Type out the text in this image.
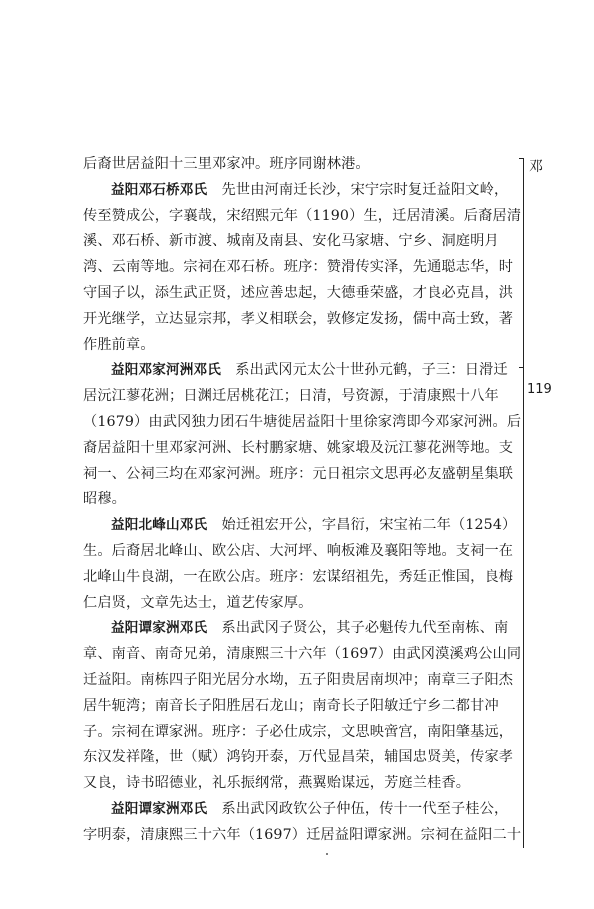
邓
119
后裔世居益阳十三里邓家冲。班序同谢林港。
益阳邓石桥邓氏　先世由河南迁长沙，宋宁宗时复迁益阳文岭，
传至赞成公，字襄哉，宋绍熙元年（1190）生，迁居清溪。后裔居清
溪、邓石桥、新市渡、城南及南县、安化马家塘、宁乡、洞庭明月
湾、云南等地。宗祠在邓石桥。班序：赞滑传实泽，先通聪志华，时
守国子以，添生武正贤，述应善忠起，大德垂荣盛，才良必克昌，洪
开光继学，立达显宗邦，孝义相联会，敦修定发扬，儒中高士致，著
作胜前章。
益阳邓家河洲邓氏　系出武冈元太公十世孙元鹤，子三：日滑迁
居沅江蓼花洲；日渊迁居桃花江；日清，号资源，于清康熙十八年
（1679）由武冈独力团石牛塘徙居益阳十里徐家湾即今邓家河洲。后
裔居益阳十里邓家河洲、长村鹏家塘、姚家塅及沅江蓼花洲等地。支
祠一、公祠三均在邓家河洲。班序：元日祖宗文思再必友盛朝星集联
昭穆。
益阳北峰山邓氏　始迁祖宏开公，字昌衍，宋宝祐二年（1254）
生。后裔居北峰山、欧公店、大河坪、响板滩及襄阳等地。支祠一在
北峰山牛良湖，一在欧公店。班序：宏谋绍祖先，秀廷正惟国，良梅
仁启贤，文章先达士，道艺传家厚。
益阳谭家洲邓氏　系出武冈子贤公，其子必魁传九代至南栋、南
章、南音、南奇兄弟，清康熙三十六年（1697）由武冈漠溪鸡公山同
迁益阳。南栋四子阳光居分水坳，五子阳贵居南坝冲；南章三子阳杰
居牛轭湾；南音长子阳胜居石龙山；南奇长子阳敏迁宁乡二都甘冲
子。宗祠在谭家洲。班序：子必仕成宗，文思映啻宫，南阳肇基远，
东汉发祥隆，世（赋）鸿钧开泰，万代显昌荣，辅国忠贤美，传家孝
又良，诗书昭德业，礼乐振纲常，燕翼贻谋远，芳庭兰桂香。
益阳谭家洲邓氏　系出武冈政钦公子仲伍，传十一代至子桂公，
字明泰，清康熙三十六年（1697）迁居益阳谭家洲。宗祠在益阳二十
